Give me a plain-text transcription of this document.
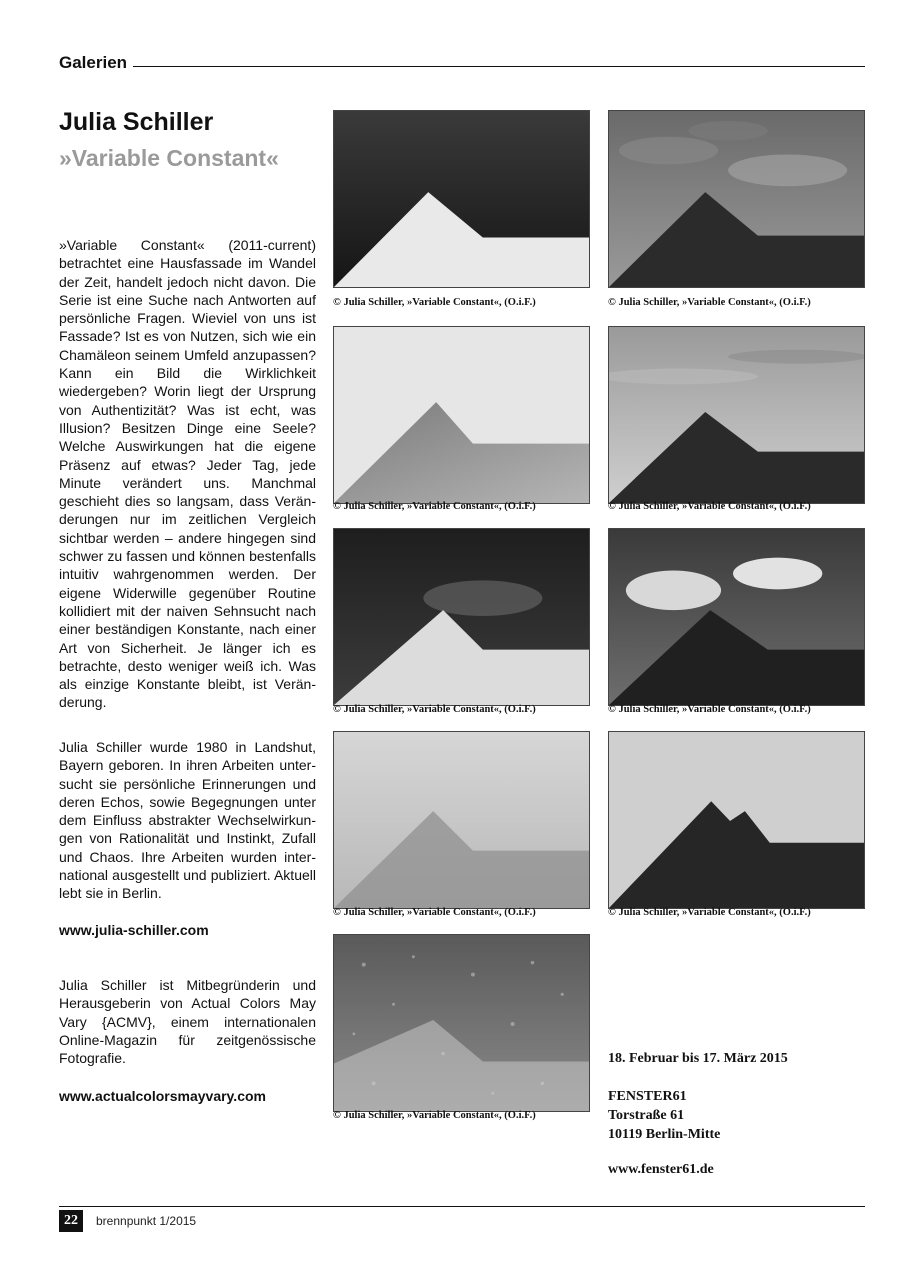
Galerien
Julia Schiller
»Variable Constant«
»Variable Constant« (2011-current) betrachtet eine Hausfassade im Wandel der Zeit, handelt jedoch nicht davon. Die Serie ist eine Suche nach Antworten auf persönliche Fragen. Wieviel von uns ist Fassade? Ist es von Nutzen, sich wie ein Chamäleon seinem Umfeld anzupassen? Kann ein Bild die Wirklichkeit wiedergeben? Worin liegt der Ursprung von Authentizität? Was ist echt, was Illusion? Besitzen Dinge eine Seele? Welche Auswirkungen hat die eigene Präsenz auf etwas? Jeder Tag, jede Minute verändert uns. Manchmal geschieht dies so langsam, dass Veränderungen nur im zeitlichen Vergleich sichtbar werden – andere hingegen sind schwer zu fassen und können bestenfalls intuitiv wahrgenommen werden. Der eigene Widerwille gegenüber Routine kollidiert mit der naiven Sehnsucht nach einer beständigen Konstante, nach einer Art von Sicherheit. Je länger ich es betrachte, desto weniger weiß ich. Was als einzige Konstante bleibt, ist Veränderung.
Julia Schiller wurde 1980 in Landshut, Bayern geboren. In ihren Arbeiten untersucht sie persönliche Erinnerungen und deren Echos, sowie Begegnungen unter dem Einfluss abstrakter Wechselwirkungen von Rationalität und Instinkt, Zufall und Chaos. Ihre Arbeiten wurden international ausgestellt und publiziert. Aktuell lebt sie in Berlin.
www.julia-schiller.com
Julia Schiller ist Mitbegründerin und Herausgeberin von Actual Colors May Vary {ACMV}, einem internationalen Online-Magazin für zeitgenössische Fotografie.
www.actualcolorsmayvary.com
© Julia Schiller, »Variable Constant«, (O.i.F.)	© Julia Schiller, »Variable Constant«, (O.i.F.)
© Julia Schiller, »Variable Constant«, (O.i.F.)	© Julia Schiller, »Variable Constant«, (O.i.F.)
© Julia Schiller, »Variable Constant«, (O.i.F.)	© Julia Schiller, »Variable Constant«, (O.i.F.)
© Julia Schiller, »Variable Constant«, (O.i.F.)	© Julia Schiller, »Variable Constant«, (O.i.F.)
© Julia Schiller, »Variable Constant«, (O.i.F.)
18. Februar bis 17. März 2015
FENSTER61
Torstraße 61
10119 Berlin-Mitte
www.fenster61.de
22	brennpunkt 1/2015
